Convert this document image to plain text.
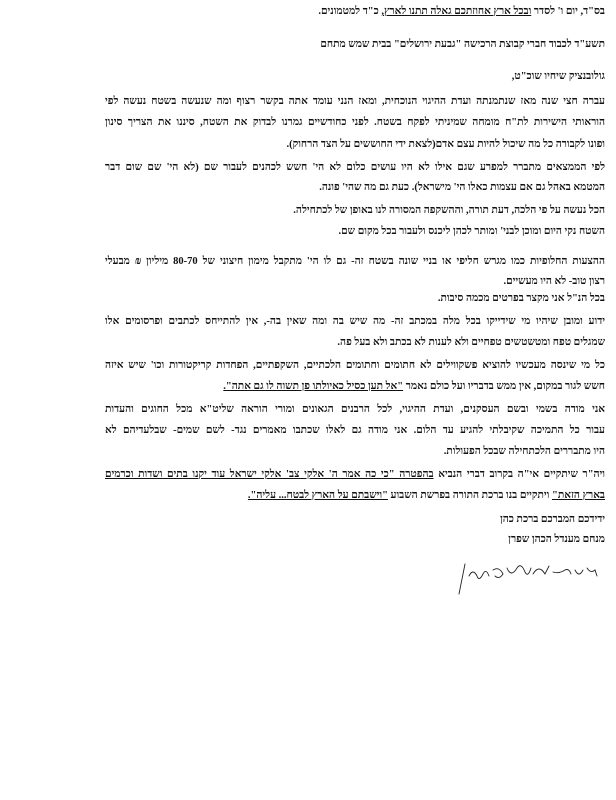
בס"ד, יום ו' לסדר ובכל ארץ אחוזתכם גאלה תתנו לארץ, כ"ד למטמונים.
תשע"ד לכבוד חברי קבוצת הרכישה "גבעת ירושלים" בבית שמש מתחם
גולובנציק שיחיו שוכ"ט,
עברה חצי שנה מאז שנתמנתה ועדת ההיגוי הנוכחית, ומאז הנני עומד אתה בקשר רצוף ומה שנעשה בשטח נעשה לפי
הוראותי הישירות לת"ח מומחה שמיניתי לפקח בשטח. לפני כחודשיים גמרנו לבדוק את השטח, סיננו את הצריך סינון
ופונו לקבורה כל מה שיכול להיות עצם אדם(לצאת ידי החוששים על הצד הרחוק).
לפי הממצאים מתברר למפרע שגם אילו לא היו עושים כלום לא הי' חשש לכהנים לעבור שם (לא הי' שם שום דבר
המטמא באהל גם אם עצמות כאלו הי' מישראל). כעת גם מה שהי' פונה.
הכל נעשה על פי הלכה, דעת תורה, וההשקפה המסורה לנו באופן של לכתחילה.
השטח נקי היום ומוכן לבני' ומותר לכהן ליכנס ולעבור בכל מקום שם.
ההצעות החלופיות כמו מגרש חליפי או בניי שונה בשטח זה- גם לו הי' מתקבל מימון חיצוני של 80-70 מיליון ₪ מבעלי
רצון טוב- לא היו מעשיים.
בכל הנ"ל אני מקצר בפרטים מכמה סיבות.
ידוע ומובן שיהיו מי שידייקו בכל מלה במכתב זה- מה שיש בה ומה שאין בה-, אין להתייחס לכתבים ופרסומים אלו
שמגלים טפח ומטשטשים טפחיים ולא לענות לא בכתב ולא בעל פה.
כל מי שינסה מעכשיו להוציא פשקווילים לא חתומים וחתומים הלכתיים, השקפתיים, הפחדות קריקטורות וכו' שיש איזה
חשש לגור במקום, אין ממש בדבריו ועל כולם נאמר "אל תען כסיל כאיולתו פן תשוה לו גם אתה".
אני מודה בשמי ובשם העסקנים, ועדת ההיגוי, לכל הרבנים הגאונים ומורי הוראה שליט"א מכל החוגים והעדות
עבור כל התמיכה שקיבלתי להגיע עד הלום. אני מודה גם לאלו שכתבו מאמרים נגד- לשם שמים- שבלעדיהם לא
היו מתבררים הלכתחילה שבכל הפעולות.
ויה"ר שיתקיים אי"ה בקרוב דברי הנביא בהפטרה "כי כה אמר ה' אלקי צב' אלקי ישראל עוד יקנו בתים ושדות וכרמים
בארץ הזאת" ויתקיים בנו ברכת התורה בפרשת השבוע "וישבתם על הארץ לבטח... עליה".
ידידכם המברכם ברכת כהן
מנחם מענדל הכהן שפרן
